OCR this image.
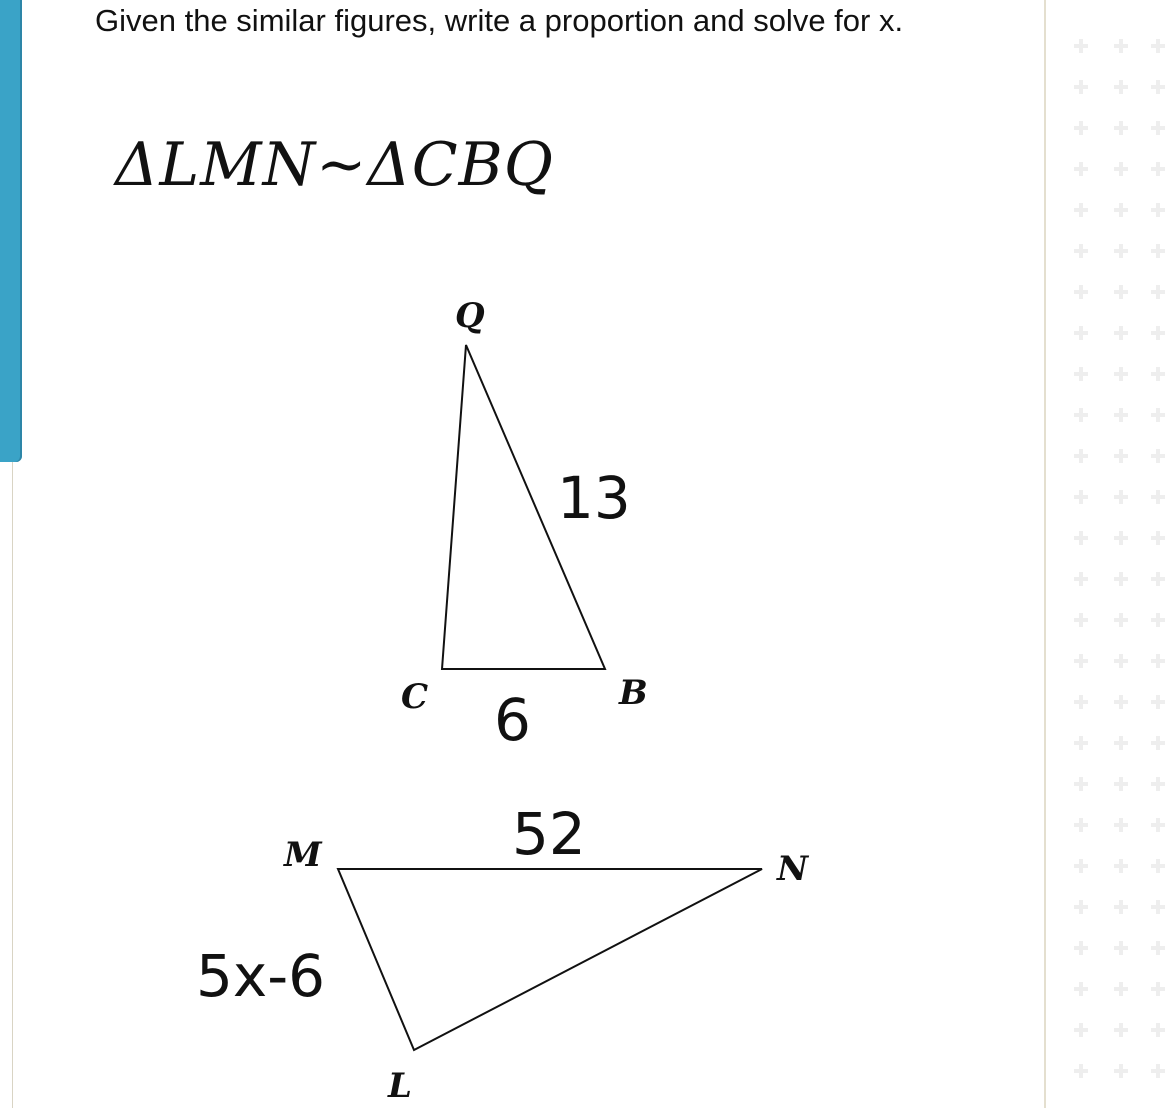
Given the similar figures, write a proportion and solve for x.
ΔLMN~ΔCBQ
Q
C	B
13
6
M	N
L
52
5x-6
